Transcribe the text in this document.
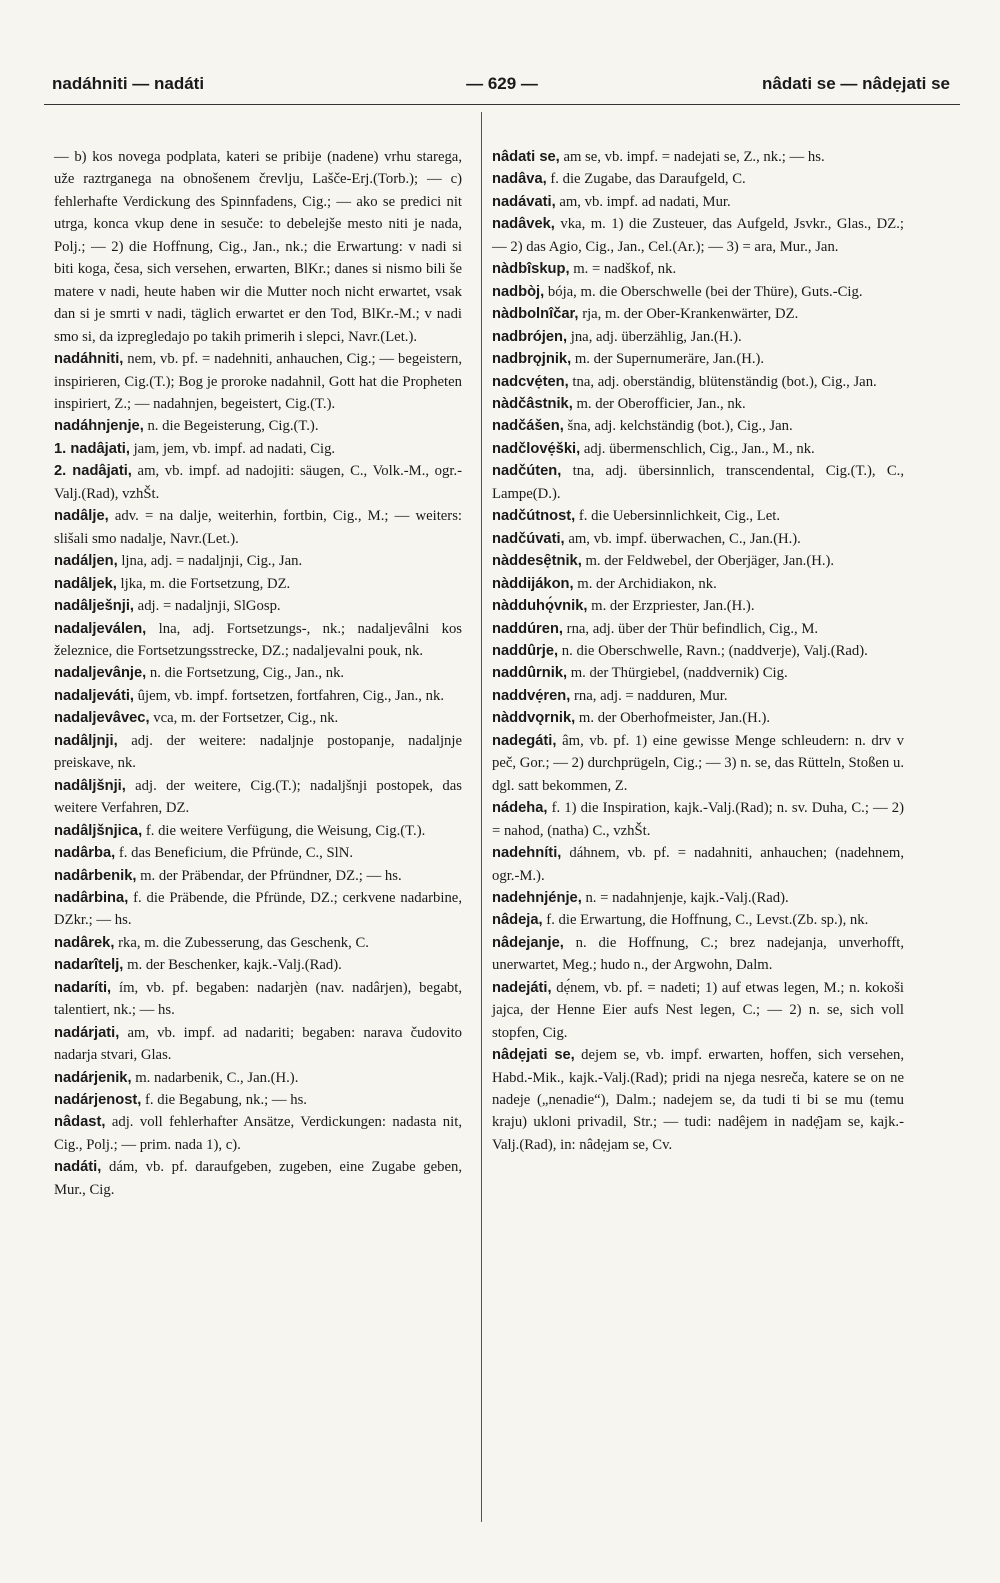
nadáhniti — nadáti	— 629 —	nâdati se — nâdẹjati se

— b) kos novega podplata, kateri se pribije (nadene) vrhu starega, uže raztrganega na obnošenem črevlju, Lašče-Erj.(Torb.); — c) fehlerhafte Verdickung des Spinnfadens, Cig.; — ako se predici nit utrga, konca vkup dene in sesuče: to debelejše mesto niti je nada, Polj.; — 2) die Hoffnung, Cig., Jan., nk.; die Erwartung: v nadi si biti koga, česa, sich versehen, erwarten, BlKr.; danes si nismo bili še matere v nadi, heute haben wir die Mutter noch nicht erwartet, vsak dan si je smrti v nadi, täglich erwartet er den Tod, BlKr.-M.; v nadi smo si, da izpregledajo po takih primerih i slepci, Navr.(Let.).

nadáhniti, nem, vb. pf. = nadehniti, anhauchen, Cig.; — begeistern, inspirieren, Cig.(T.); Bog je proroke nadahnil, Gott hat die Propheten inspiriert, Z.; — nadahnjen, begeistert, Cig.(T.).

nadáhnjenje, n. die Begeisterung, Cig.(T.).

1. nadâjati, jam, jem, vb. impf. ad nadati, Cig.

2. nadâjati, am, vb. impf. ad nadojiti: säugen, C., Volk.-M., ogr.-Valj.(Rad), vzhŠt.

nadâlje, adv. = na dalje, weiterhin, fortbin, Cig., M.; — weiters: slišali smo nadalje, Navr.(Let.).

nadáljen, ljna, adj. = nadaljnji, Cig., Jan.

nadâljek, ljka, m. die Fortsetzung, DZ.

nadâlješnji, adj. = nadaljnji, SlGosp.

nadaljeválen, lna, adj. Fortsetzungs-, nk.; nadaljevâlni kos železnice, die Fortsetzungsstrecke, DZ.; nadaljevalni pouk, nk.

nadaljevânje, n. die Fortsetzung, Cig., Jan., nk.

nadaljeváti, ûjem, vb. impf. fortsetzen, fortfahren, Cig., Jan., nk.

nadaljevâvec, vca, m. der Fortsetzer, Cig., nk.

nadâljnji, adj. der weitere: nadaljnje postopanje, nadaljnje preiskave, nk.

nadâljšnji, adj. der weitere, Cig.(T.); nadaljšnji postopek, das weitere Verfahren, DZ.

nadâljšnjica, f. die weitere Verfügung, die Weisung, Cig.(T.).

nadârba, f. das Beneficium, die Pfründe, C., SlN.

nadârbenik, m. der Präbendar, der Pfründner, DZ.; — hs.

nadârbina, f. die Präbende, die Pfründe, DZ.; cerkvene nadarbine, DZkr.; — hs.

nadârek, rka, m. die Zubesserung, das Geschenk, C.

nadarîtelj, m. der Beschenker, kajk.-Valj.(Rad).

nadaríti, ím, vb. pf. begaben: nadarjèn (nav. nadârjen), begabt, talentiert, nk.; — hs.

nadárjati, am, vb. impf. ad nadariti; begaben: narava čudovito nadarja stvari, Glas.

nadárjenik, m. nadarbenik, C., Jan.(H.).

nadárjenost, f. die Begabung, nk.; — hs.

nâdast, adj. voll fehlerhafter Ansätze, Verdickungen: nadasta nit, Cig., Polj.; — prim. nada 1), c).

nadáti, dám, vb. pf. daraufgeben, zugeben, eine Zugabe geben, Mur., Cig.

nâdati se, am se, vb. impf. = nadejati se, Z., nk.; — hs.

nadâva, f. die Zugabe, das Daraufgeld, C.

nadávati, am, vb. impf. ad nadati, Mur.

nadâvek, vka, m. 1) die Zusteuer, das Aufgeld, Jsvkr., Glas., DZ.; — 2) das Agio, Cig., Jan., Cel.(Ar.); — 3) = ara, Mur., Jan.

nàdbîskup, m. = nadškof, nk.

nadbòj, bója, m. die Oberschwelle (bei der Thüre), Guts.-Cig.

nàdbolnîčar, rja, m. der Ober-Krankenwärter, DZ.

nadbrójen, jna, adj. überzählig, Jan.(H.).

nadbrǫjnik, m. der Supernumeräre, Jan.(H.).

nadcvẹ́ten, tna, adj. oberständig, blütenständig (bot.), Cig., Jan.

nàdčâstnik, m. der Oberofficier, Jan., nk.

nadčášen, šna, adj. kelchständig (bot.), Cig., Jan.

nadčlovẹ́ški, adj. übermenschlich, Cig., Jan., M., nk.

nadčúten, tna, adj. übersinnlich, transcendental, Cig.(T.), C., Lampe(D.).

nadčútnost, f. die Uebersinnlichkeit, Cig., Let.

nadčúvati, am, vb. impf. überwachen, C., Jan.(H.).

nàddesẹ̑tnik, m. der Feldwebel, der Oberjäger, Jan.(H.).

nàddijákon, m. der Archidiakon, nk.

nàdduhǫ́vnik, m. der Erzpriester, Jan.(H.).

naddúren, rna, adj. über der Thür befindlich, Cig., M.

naddûrje, n. die Oberschwelle, Ravn.; (naddverje), Valj.(Rad).

naddûrnik, m. der Thürgiebel, (naddvernik) Cig.

naddvẹ́ren, rna, adj. = nadduren, Mur.

nàddvǫrnik, m. der Oberhofmeister, Jan.(H.).

nadegáti, âm, vb. pf. 1) eine gewisse Menge schleudern: n. drv v peč, Gor.; — 2) durchprügeln, Cig.; — 3) n. se, das Rütteln, Stoßen u. dgl. satt bekommen, Z.

nádeha, f. 1) die Inspiration, kajk.-Valj.(Rad); n. sv. Duha, C.; — 2) = nahod, (natha) C., vzhŠt.

nadehníti, dáhnem, vb. pf. = nadahniti, anhauchen; (nadehnem, ogr.-M.).

nadehnjénje, n. = nadahnjenje, kajk.-Valj.(Rad).

nâdeja, f. die Erwartung, die Hoffnung, C., Levst.(Zb. sp.), nk.

nâdejanje, n. die Hoffnung, C.; brez nadejanja, unverhofft, unerwartet, Meg.; hudo n., der Argwohn, Dalm.

nadejáti, dẹ́nem, vb. pf. = nadeti; 1) auf etwas legen, M.; n. kokoši jajca, der Henne Eier aufs Nest legen, C.; — 2) n. se, sich voll stopfen, Cig.

nâdẹjati se, dejem se, vb. impf. erwarten, hoffen, sich versehen, Habd.-Mik., kajk.-Valj.(Rad); pridi na njega nesreča, katere se on ne nadeje („nenadie“), Dalm.; nadejem se, da tudi ti bi se mu (temu kraju) ukloni privadil, Str.; — tudi: nadêjem in nadẹ̑jam se, kajk.-Valj.(Rad), in: nâdẹjam se, Cv.
